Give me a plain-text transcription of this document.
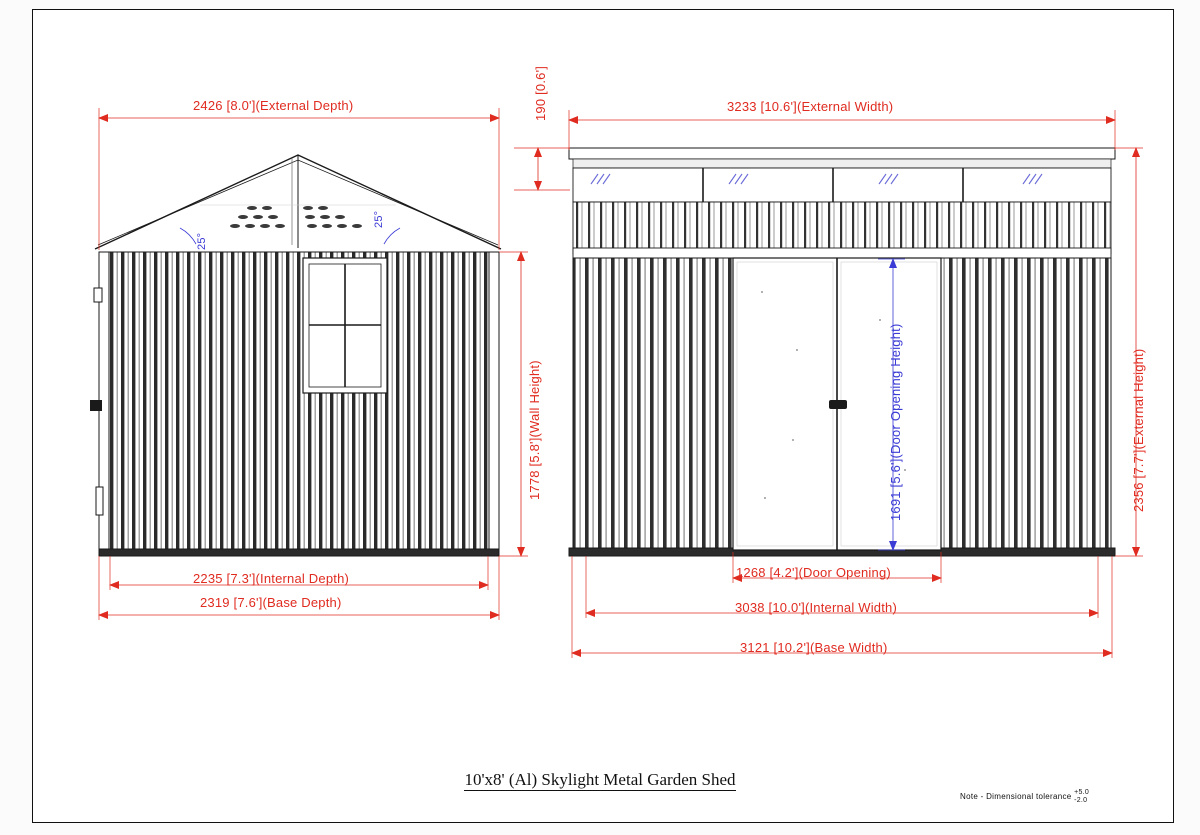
2426 [8.0'](External Depth)
2235 [7.3'](Internal Depth)
2319 [7.6'](Base Depth)
1778 [5.8'](Wall Height)
25°
25°
3233 [10.6'](External Width)
190 [0.6']
2356 [7.7'](External Height)
1691 [5.6'](Door Opening Height)
1268 [4.2'](Door Opening)
3038 [10.0'](Internal Width)
3121 [10.2'](Base Width)
10'x8' (Al) Skylight Metal Garden Shed
Note - Dimensional tolerance +5.0
-2.0
